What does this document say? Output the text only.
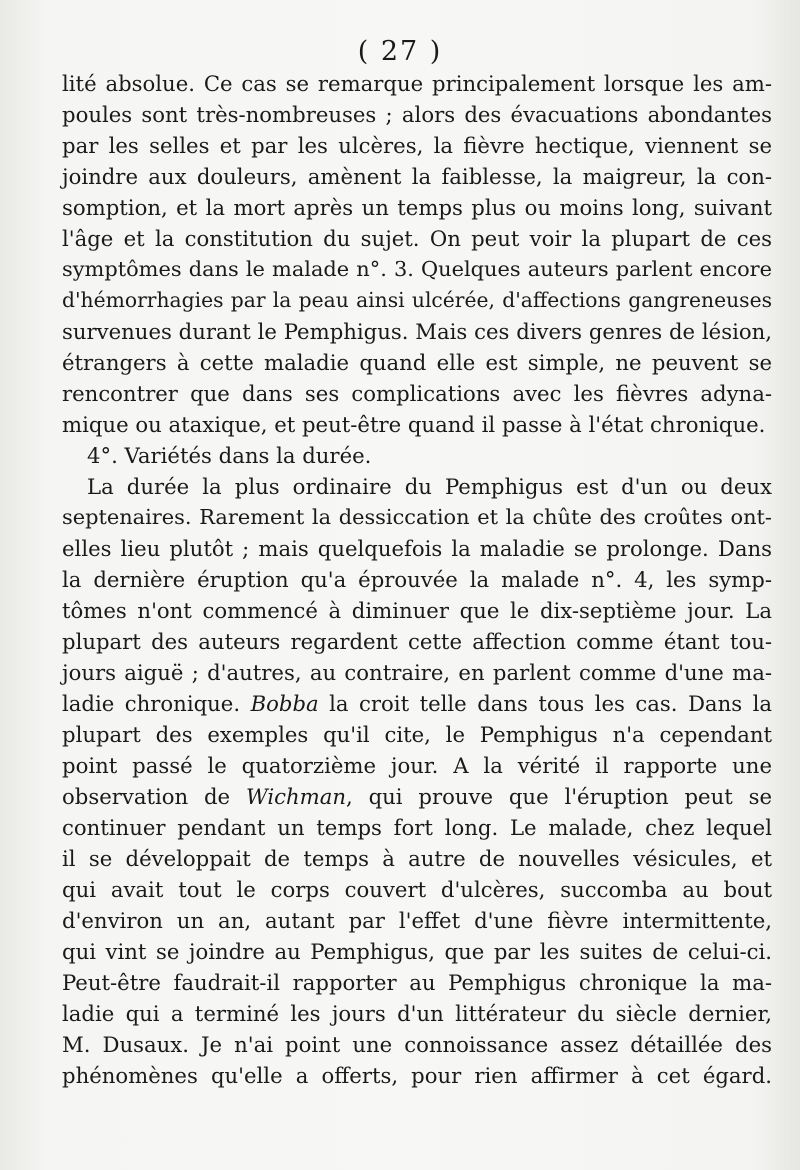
( 27 )
lité absolue. Ce cas se remarque principalement lorsque les am-
poules sont très-nombreuses ; alors des évacuations abondantes
par les selles et par les ulcères, la fièvre hectique, viennent se
joindre aux douleurs, amènent la faiblesse, la maigreur, la con-
somption, et la mort après un temps plus ou moins long, suivant
l'âge et la constitution du sujet. On peut voir la plupart de ces
symptômes dans le malade n°. 3. Quelques auteurs parlent encore
d'hémorrhagies par la peau ainsi ulcérée, d'affections gangreneuses
survenues durant le Pemphigus. Mais ces divers genres de lésion,
étrangers à cette maladie quand elle est simple, ne peuvent se
rencontrer que dans ses complications avec les fièvres adyna-
mique ou ataxique, et peut-être quand il passe à l'état chronique.
4°. Variétés dans la durée.
La durée la plus ordinaire du Pemphigus est d'un ou deux
septenaires. Rarement la dessiccation et la chûte des croûtes ont-
elles lieu plutôt ; mais quelquefois la maladie se prolonge. Dans
la dernière éruption qu'a éprouvée la malade n°. 4, les symp-
tômes n'ont commencé à diminuer que le dix-septième jour. La
plupart des auteurs regardent cette affection comme étant tou-
jours aiguë ; d'autres, au contraire, en parlent comme d'une ma-
ladie chronique. Bobba la croit telle dans tous les cas. Dans la
plupart des exemples qu'il cite, le Pemphigus n'a cependant
point passé le quatorzième jour. A la vérité il rapporte une
observation de Wichman, qui prouve que l'éruption peut se
continuer pendant un temps fort long. Le malade, chez lequel
il se développait de temps à autre de nouvelles vésicules, et
qui avait tout le corps couvert d'ulcères, succomba au bout
d'environ un an, autant par l'effet d'une fièvre intermittente,
qui vint se joindre au Pemphigus, que par les suites de celui-ci.
Peut-être faudrait-il rapporter au Pemphigus chronique la ma-
ladie qui a terminé les jours d'un littérateur du siècle dernier,
M. Dusaux. Je n'ai point une connoissance assez détaillée des
phénomènes qu'elle a offerts, pour rien affirmer à cet égard.
